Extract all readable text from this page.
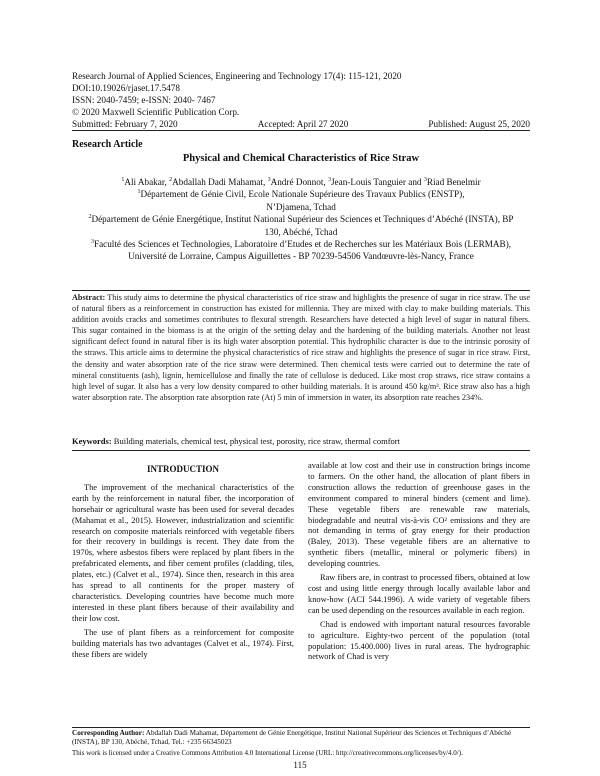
Research Journal of Applied Sciences, Engineering and Technology 17(4): 115-121, 2020
DOI:10.19026/rjaset.17.5478
ISSN: 2040-7459; e-ISSN: 2040- 7467
© 2020 Maxwell Scientific Publication Corp.
Submitted: February 7, 2020	Accepted: April 27 2020	Published: August 25, 2020
Research Article
Physical and Chemical Characteristics of Rice Straw
$^1$Ali Abakar, $^2$Abdallah Dadi Mahamat, $^3$André Donnot, $^3$Jean-Louis Tanguier and $^3$Riad Benelmir
$^1$Département de Génie Civil, Ecole Nationale Supérieure des Travaux Publics (ENSTP), N’Djamena, Tchad
$^2$Département de Génie Energétique, Institut National Supérieur des Sciences et Techniques d’Abéché (INSTA), BP 130, Abéché, Tchad
$^3$Faculté des Sciences et Technologies, Laboratoire d’Etudes et de Recherches sur les Matériaux Bois (LERMAB), Université de Lorraine, Campus Aiguillettes - BP 70239-54506 Vandœuvre-lès-Nancy, France
Abstract: This study aims to determine the physical characteristics of rice straw and highlights the presence of sugar in rice straw. The use of natural fibers as a reinforcement in construction has existed for millennia. They are mixed with clay to make building materials. This addition avoids cracks and sometimes contributes to flexural strength. Researchers have detected a high level of sugar in natural fibers. This sugar contained in the biomass is at the origin of the setting delay and the hardening of the building materials. Another not least significant defect found in natural fiber is its high water absorption potential. This hydrophilic character is due to the intrinsic porosity of the straws. This article aims to determine the physical characteristics of rice straw and highlights the presence of sugar in rice straw. First, the density and water absorption rate of the rice straw were determined. Then chemical tests were carried out to determine the rate of mineral constituents (ash), lignin, hemicellulose and finally the rate of cellulose is deduced. Like most crop straws, rice straw contains a high level of sugar. It also has a very low density compared to other building materials. It is around 450 kg/m³. Rice straw also has a high water absorption rate. The absorption rate absorption rate (At) 5 min of immersion in water, its absorption rate reaches 234%.
Keywords: Building materials, chemical test, physical test, porosity, rice straw, thermal comfort
INTRODUCTION

The improvement of the mechanical characteristics of the earth by the reinforcement in natural fiber, the incorporation of horsehair or agricultural waste has been used for several decades (Mahamat et al., 2015). However, industrialization and scientific research on composite materials reinforced with vegetable fibers for their recovery in buildings is recent. They date from the 1970s, where asbestos fibers were replaced by plant fibers in the prefabricated elements, and fiber cement profiles (cladding, tiles, plates, etc.) (Calvet et al., 1974). Since then, research in this area has spread to all continents for the proper mastery of characteristics. Developing countries have become much more interested in these plant fibers because of their availability and their low cost.

The use of plant fibers as a reinforcement for composite building materials has two advantages (Calvet et al., 1974). First, these fibers are widely

available at low cost and their use in construction brings income to farmers. On the other hand, the allocation of plant fibers in construction allows the reduction of greenhouse gases in the environment compared to mineral binders (cement and lime). These vegetable fibers are renewable raw materials, biodegradable and neutral vis-à-vis CO² emissions and they are not demanding in terms of gray energy for their production (Baley, 2013). These vegetable fibers are an alternative to synthetic fibers (metallic, mineral or polymeric fibers) in developing countries.

Raw fibers are, in contrast to processed fibers, obtained at low cost and using little energy through locally available labor and know-how (ACI 544.1996). A wide variety of vegetable fibers can be used depending on the resources available in each region.

Chad is endowed with important natural resources favorable to agriculture. Eighty-two percent of the population (total population: 15.400.000) lives in rural areas. The hydrographic network of Chad is very

Corresponding Author: Abdallah Dadi Mahamat, Département de Génie Energétique, Institut National Supérieur des Sciences et Techniques d’Abéché (INSTA), BP 130, Abéché, Tchad, Tel.: +235 66345023
This work is licensed under a Creative Commons Attribution 4.0 International License (URL: http://creativecommons.org/licenses/by/4.0/).
115
